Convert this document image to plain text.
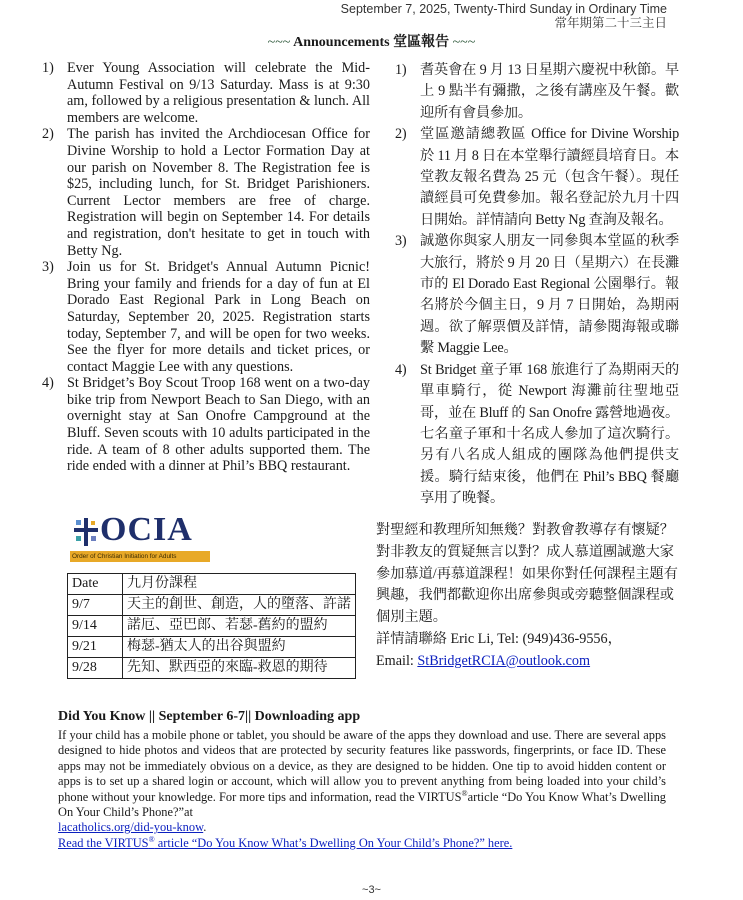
September 7, 2025, Twenty-Third Sunday in Ordinary Time
常年期第二十三主日
~~~ Announcements 堂區報告 ~~~
1) Ever Young Association will celebrate the Mid-Autumn Festival on 9/13 Saturday. Mass is at 9:30 am, followed by a religious presentation & lunch. All members are welcome.
2) The parish has invited the Archdiocesan Office for Divine Worship to hold a Lector Formation Day at our parish on November 8. The Registration fee is $25, including lunch, for St. Bridget Parishioners. Current Lector members are free of charge. Registration will begin on September 14. For details and registration, don't hesitate to get in touch with Betty Ng.
3) Join us for St. Bridget's Annual Autumn Picnic! Bring your family and friends for a day of fun at El Dorado East Regional Park in Long Beach on Saturday, September 20, 2025. Registration starts today, September 7, and will be open for two weeks. See the flyer for more details and ticket prices, or contact Maggie Lee with any questions.
4) St Bridget’s Boy Scout Troop 168 went on a two-day bike trip from Newport Beach to San Diego, with an overnight stay at San Onofre Campground at the Bluff. Seven scouts with 10 adults participated in the ride. A team of 8 other adults supported them. The ride ended with a dinner at Phil’s BBQ restaurant.
1) 耆英會在 9 月 13 日星期六慶祝中秋節。早上 9 點半有彌撒，之後有講座及午餐。歡迎所有會員參加。
2) 堂區邀請總教區 Office for Divine Worship 於 11 月 8 日在本堂舉行讀經員培育日。本堂教友報名費為 25 元（包含午餐）。現任讀經員可免費參加。報名登記於九月十四日開始。詳情請向 Betty Ng 查詢及報名。
3) 誠邀你與家人朋友一同參與本堂區的秋季大旅行，將於 9 月 20 日（星期六）在長灘市的 El Dorado East Regional 公園舉行。報名將於今個主日，9 月 7 日開始，為期兩週。欲了解票價及詳情，請參閱海報或聯繫 Maggie Lee。
4) St Bridget 童子軍 168 旅進行了為期兩天的單車騎行，從 Newport 海灘前往聖地亞哥，並在 Bluff 的 San Onofre 露營地過夜。七名童子軍和十名成人參加了這次騎行。另有八名成人組成的團隊為他們提供支援。騎行結束後，他們在 Phil’s BBQ 餐廳享用了晚餐。
OCIA
Order of Christian Initiation for Adults
Date	九月份課程
9/7	天主的創世、創造，人的墮落、許諾
9/14	諾厄、亞巴郎、若瑟-舊約的盟約
9/21	梅瑟-猶太人的出谷與盟約
9/28	先知、默西亞的來臨-救恩的期待
對聖經和教理所知無幾？對教會教導存有懷疑？對非教友的質疑無言以對？成人慕道團誠邀大家參加慕道/再慕道課程！如果你對任何課程主題有興趣，我們都歡迎你出席參與或旁聽整個課程或個別主題。
詳情請聯絡 Eric Li, Tel: (949)436-9556，
Email: StBridgetRCIA@outlook.com
Did You Know || September 6-7|| Downloading app

If your child has a mobile phone or tablet, you should be aware of the apps they download and use. There are several apps designed to hide photos and videos that are protected by security features like passwords, fingerprints, or face ID. These apps may not be immediately obvious on a device, as they are designed to be hidden. One tip to avoid hidden content or apps is to set up a shared login or account, which will allow you to prevent anything from being loaded into your child’s phone without your knowledge. For more tips and information, read the VIRTUS®article “Do You Know What’s Dwelling On Your Child’s Phone?”at
lacatholics.org/did-you-know.
Read the VIRTUS® article “Do You Know What’s Dwelling On Your Child’s Phone?” here.

~3~
